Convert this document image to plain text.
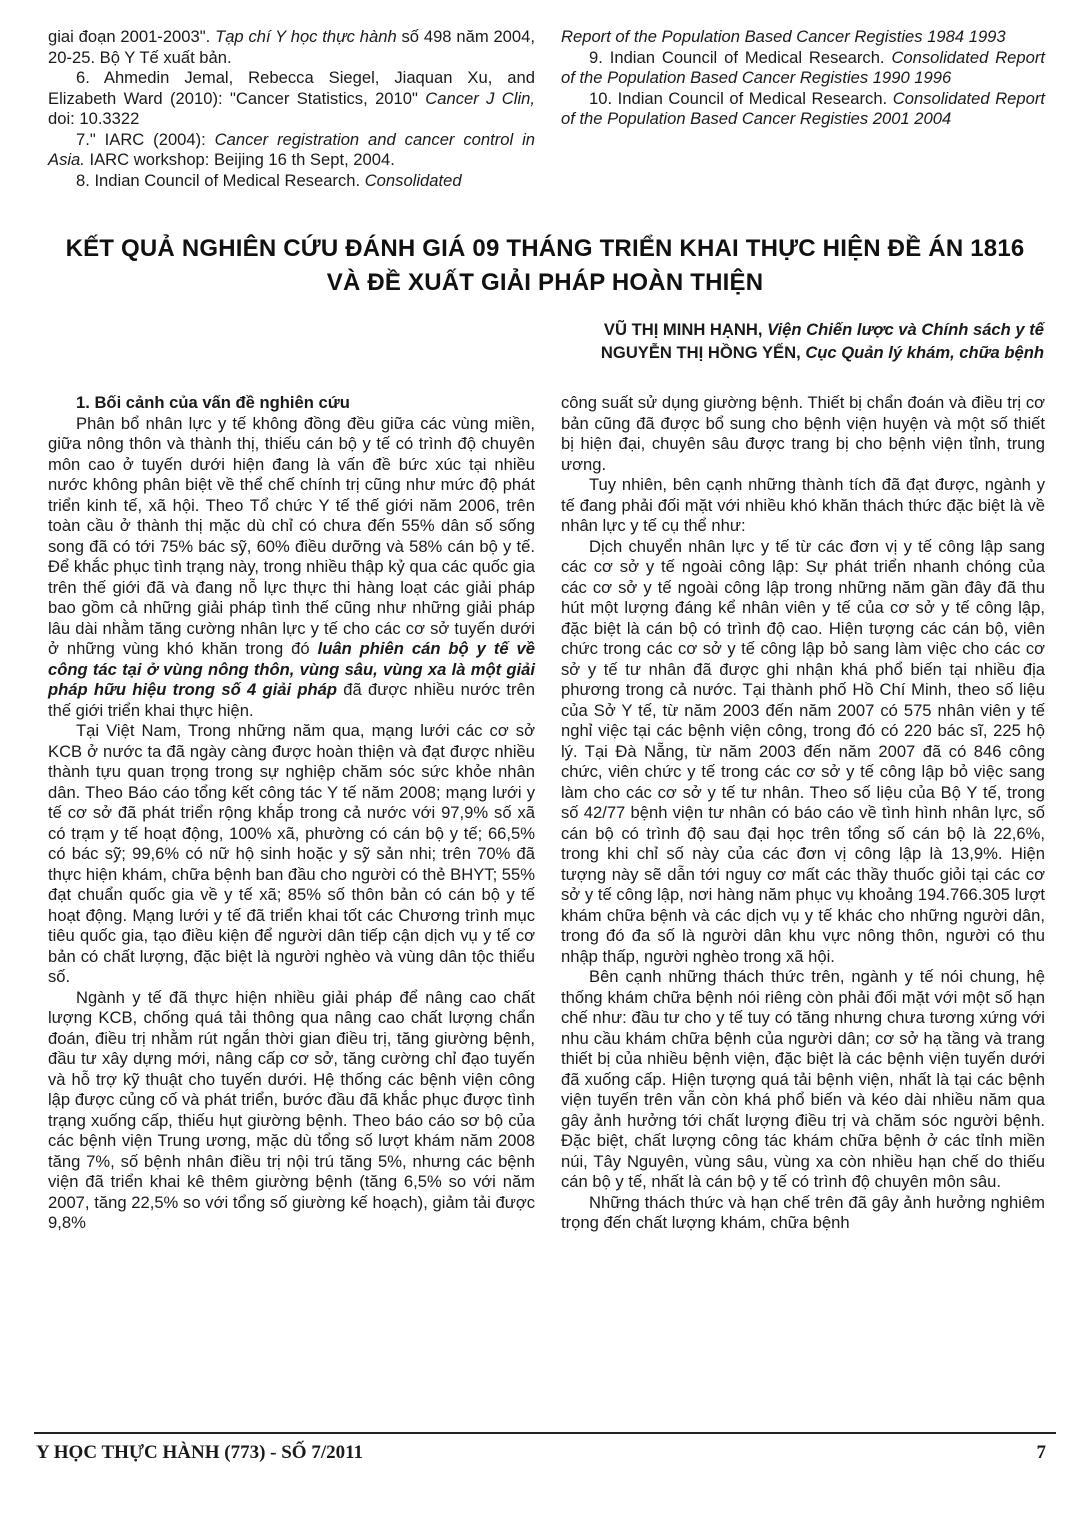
giai đoạn 2001-2003". Tạp chí Y học thực hành số 498 năm 2004, 20-25. Bộ Y Tế xuất bản.

6. Ahmedin Jemal, Rebecca Siegel, Jiaquan Xu, and Elizabeth Ward (2010): "Cancer Statistics, 2010" Cancer J Clin, doi: 10.3322

7." IARC (2004): Cancer registration and cancer control in Asia. IARC workshop: Beijing 16 th Sept, 2004.

8. Indian Council of Medical Research. Consolidated

Report of the Population Based Cancer Registies 1984 1993

9. Indian Council of Medical Research. Consolidated Report of the Population Based Cancer Registies 1990 1996

10. Indian Council of Medical Research. Consolidated Report of the Population Based Cancer Registies 2001 2004

KẾT QUẢ NGHIÊN CỨU ĐÁNH GIÁ 09 THÁNG TRIỂN KHAI THỰC HIỆN ĐỀ ÁN 1816
VÀ ĐỀ XUẤT GIẢI PHÁP HOÀN THIỆN
VŨ THỊ MINH HẠNH, Viện Chiến lược và Chính sách y tế
NGUYỄN THỊ HỒNG YẾN, Cục Quản lý khám, chữa bệnh

1. Bối cảnh của vấn đề nghiên cứu

Phân bổ nhân lực y tế không đồng đều giữa các vùng miền, giữa nông thôn và thành thị, thiếu cán bộ y tế có trình độ chuyên môn cao ở tuyến dưới hiện đang là vấn đề bức xúc tại nhiều nước không phân biệt về thể chế chính trị cũng như mức độ phát triển kinh tế, xã hội. Theo Tổ chức Y tế thế giới năm 2006, trên toàn cầu ở thành thị mặc dù chỉ có chưa đến 55% dân số sống song đã có tới 75% bác sỹ, 60% điều dưỡng và 58% cán bộ y tế. Để khắc phục tình trạng này, trong nhiều thập kỷ qua các quốc gia trên thế giới đã và đang nỗ lực thực thi hàng loạt các giải pháp bao gồm cả những giải pháp tình thế cũng như những giải pháp lâu dài nhằm tăng cường nhân lực y tế cho các cơ sở tuyến dưới ở những vùng khó khăn trong đó luân phiên cán bộ y tế về công tác tại ở vùng nông thôn, vùng sâu, vùng xa là một giải pháp hữu hiệu trong số 4 giải pháp đã được nhiều nước trên thế giới triển khai thực hiện.

Tại Việt Nam, Trong những năm qua, mạng lưới các cơ sở KCB ở nước ta đã ngày càng được hoàn thiện và đạt được nhiều thành tựu quan trọng trong sự nghiệp chăm sóc sức khỏe nhân dân. Theo Báo cáo tổng kết công tác Y tế năm 2008; mạng lưới y tế cơ sở đã phát triển rộng khắp trong cả nước với 97,9% số xã có trạm y tế hoạt động, 100% xã, phường có cán bộ y tế; 66,5% có bác sỹ; 99,6% có nữ hộ sinh hoặc y sỹ sản nhi; trên 70% đã thực hiện khám, chữa bệnh ban đầu cho người có thẻ BHYT; 55% đạt chuẩn quốc gia về y tế xã; 85% số thôn bản có cán bộ y tế hoạt động. Mạng lưới y tế đã triển khai tốt các Chương trình mục tiêu quốc gia, tạo điều kiện để người dân tiếp cận dịch vụ y tế cơ bản có chất lượng, đặc biệt là người nghèo và vùng dân tộc thiểu số.

Ngành y tế đã thực hiện nhiều giải pháp để nâng cao chất lượng KCB, chống quá tải thông qua nâng cao chất lượng chẩn đoán, điều trị nhằm rút ngắn thời gian điều trị, tăng giường bệnh, đầu tư xây dựng mới, nâng cấp cơ sở, tăng cường chỉ đạo tuyến và hỗ trợ kỹ thuật cho tuyến dưới. Hệ thống các bệnh viện công lập được củng cố và phát triển, bước đầu đã khắc phục được tình trạng xuống cấp, thiếu hụt giường bệnh. Theo báo cáo sơ bộ của các bệnh viện Trung ương, mặc dù tổng số lượt khám năm 2008 tăng 7%, số bệnh nhân điều trị nội trú tăng 5%, nhưng các bệnh viện đã triển khai kê thêm giường bệnh (tăng 6,5% so với năm 2007, tăng 22,5% so với tổng số giường kế hoạch), giảm tải được 9,8%

công suất sử dụng giường bệnh. Thiết bị chẩn đoán và điều trị cơ bản cũng đã được bổ sung cho bệnh viện huyện và một số thiết bị hiện đại, chuyên sâu được trang bị cho bệnh viện tỉnh, trung ương.

Tuy nhiên, bên cạnh những thành tích đã đạt được, ngành y tế đang phải đối mặt với nhiều khó khăn thách thức đặc biệt là về nhân lực y tế cụ thể như:

Dịch chuyển nhân lực y tế từ các đơn vị y tế công lập sang các cơ sở y tế ngoài công lập: Sự phát triển nhanh chóng của các cơ sở y tế ngoài công lập trong những năm gần đây đã thu hút một lượng đáng kể nhân viên y tế của cơ sở y tế công lập, đặc biệt là cán bộ có trình độ cao. Hiện tượng các cán bộ, viên chức trong các cơ sở y tế công lập bỏ sang làm việc cho các cơ sở y tế tư nhân đã được ghi nhận khá phổ biến tại nhiều địa phương trong cả nước. Tại thành phố Hồ Chí Minh, theo số liệu của Sở Y tế, từ năm 2003 đến năm 2007 có 575 nhân viên y tế nghỉ việc tại các bệnh viện công, trong đó có 220 bác sĩ, 225 hộ lý. Tại Đà Nẵng, từ năm 2003 đến năm 2007 đã có 846 công chức, viên chức y tế trong các cơ sở y tế công lập bỏ việc sang làm cho các cơ sở y tế tư nhân. Theo số liệu của Bộ Y tế, trong số 42/77 bệnh viện tư nhân có báo cáo về tình hình nhân lực, số cán bộ có trình độ sau đại học trên tổng số cán bộ là 22,6%, trong khi chỉ số này của các đơn vị công lập là 13,9%. Hiện tượng này sẽ dẫn tới nguy cơ mất các thầy thuốc giỏi tại các cơ sở y tế công lập, nơi hàng năm phục vụ khoảng 194.766.305 lượt khám chữa bệnh và các dịch vụ y tế khác cho những người dân, trong đó đa số là người dân khu vực nông thôn, người có thu nhập thấp, người nghèo trong xã hội.

Bên cạnh những thách thức trên, ngành y tế nói chung, hệ thống khám chữa bệnh nói riêng còn phải đối mặt với một số hạn chế như: đầu tư cho y tế tuy có tăng nhưng chưa tương xứng với nhu cầu khám chữa bệnh của người dân; cơ sở hạ tầng và trang thiết bị của nhiều bệnh viện, đặc biệt là các bệnh viện tuyến dưới đã xuống cấp. Hiện tượng quá tải bệnh viện, nhất là tại các bệnh viện tuyến trên vẫn còn khá phổ biến và kéo dài nhiều năm qua gây ảnh hưởng tới chất lượng điều trị và chăm sóc người bệnh. Đặc biệt, chất lượng công tác khám chữa bệnh ở các tỉnh miền núi, Tây Nguyên, vùng sâu, vùng xa còn nhiều hạn chế do thiếu cán bộ y tế, nhất là cán bộ y tế có trình độ chuyên môn sâu.

Những thách thức và hạn chế trên đã gây ảnh hưởng nghiêm trọng đến chất lượng khám, chữa bệnh

Y HỌC THỰC HÀNH (773) - SỐ 7/2011	7
